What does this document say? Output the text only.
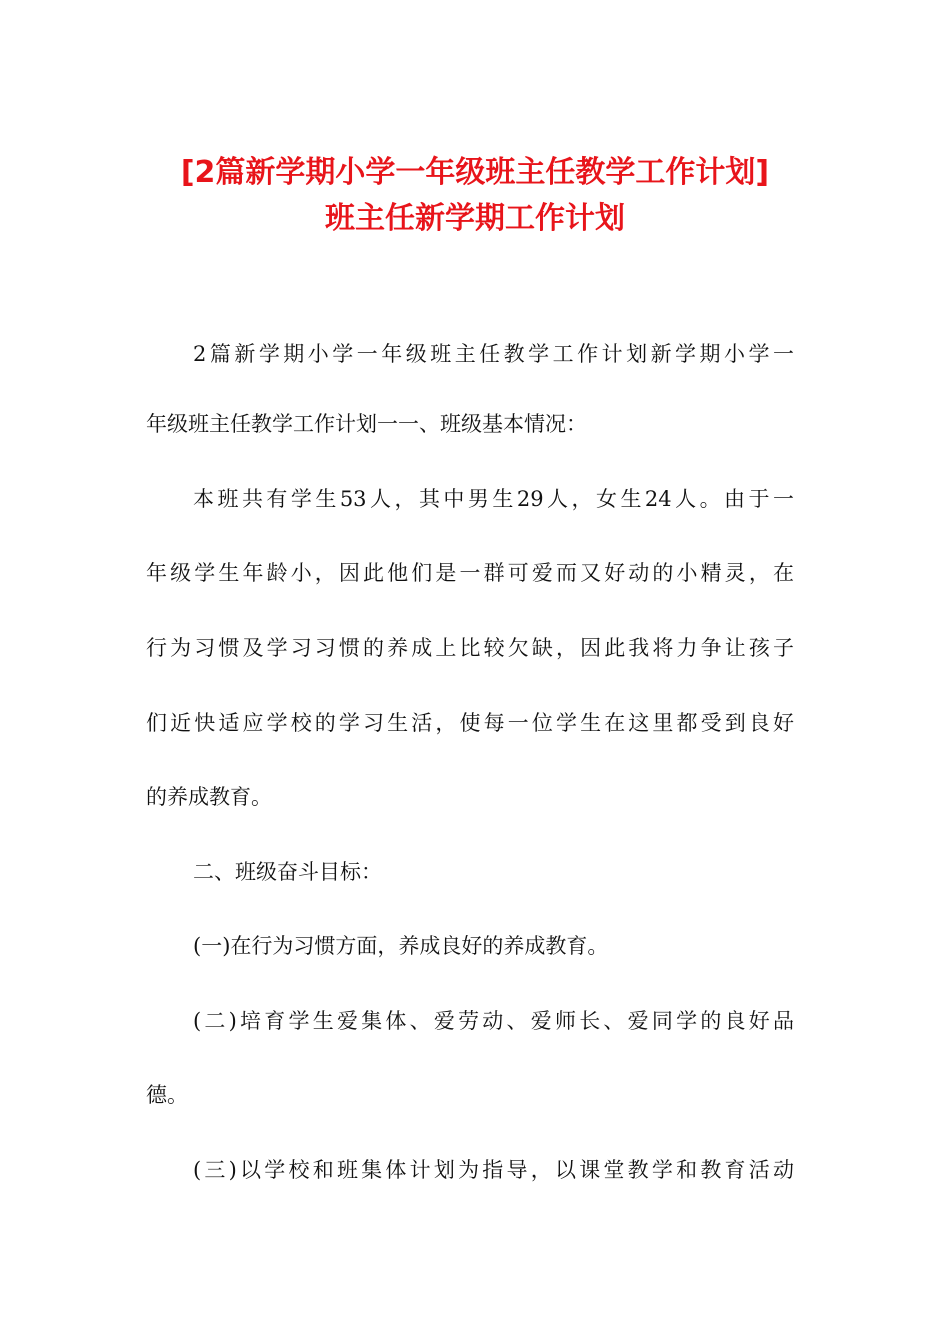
[2篇新学期小学一年级班主任教学工作计划]
班主任新学期工作计划
2篇新学期小学一年级班主任教学工作计划新学期小学一
年级班主任教学工作计划一一、班级基本情况：
本班共有学生53人，其中男生29人，女生24人。由于一
年级学生年龄小，因此他们是一群可爱而又好动的小精灵，在
行为习惯及学习习惯的养成上比较欠缺，因此我将力争让孩子
们近快适应学校的学习生活，使每一位学生在这里都受到良好
的养成教育。
二、班级奋斗目标：
(一)在行为习惯方面，养成良好的养成教育。
(二)培育学生爱集体、爱劳动、爱师长、爱同学的良好品
德。
(三)以学校和班集体计划为指导，以课堂教学和教育活动
